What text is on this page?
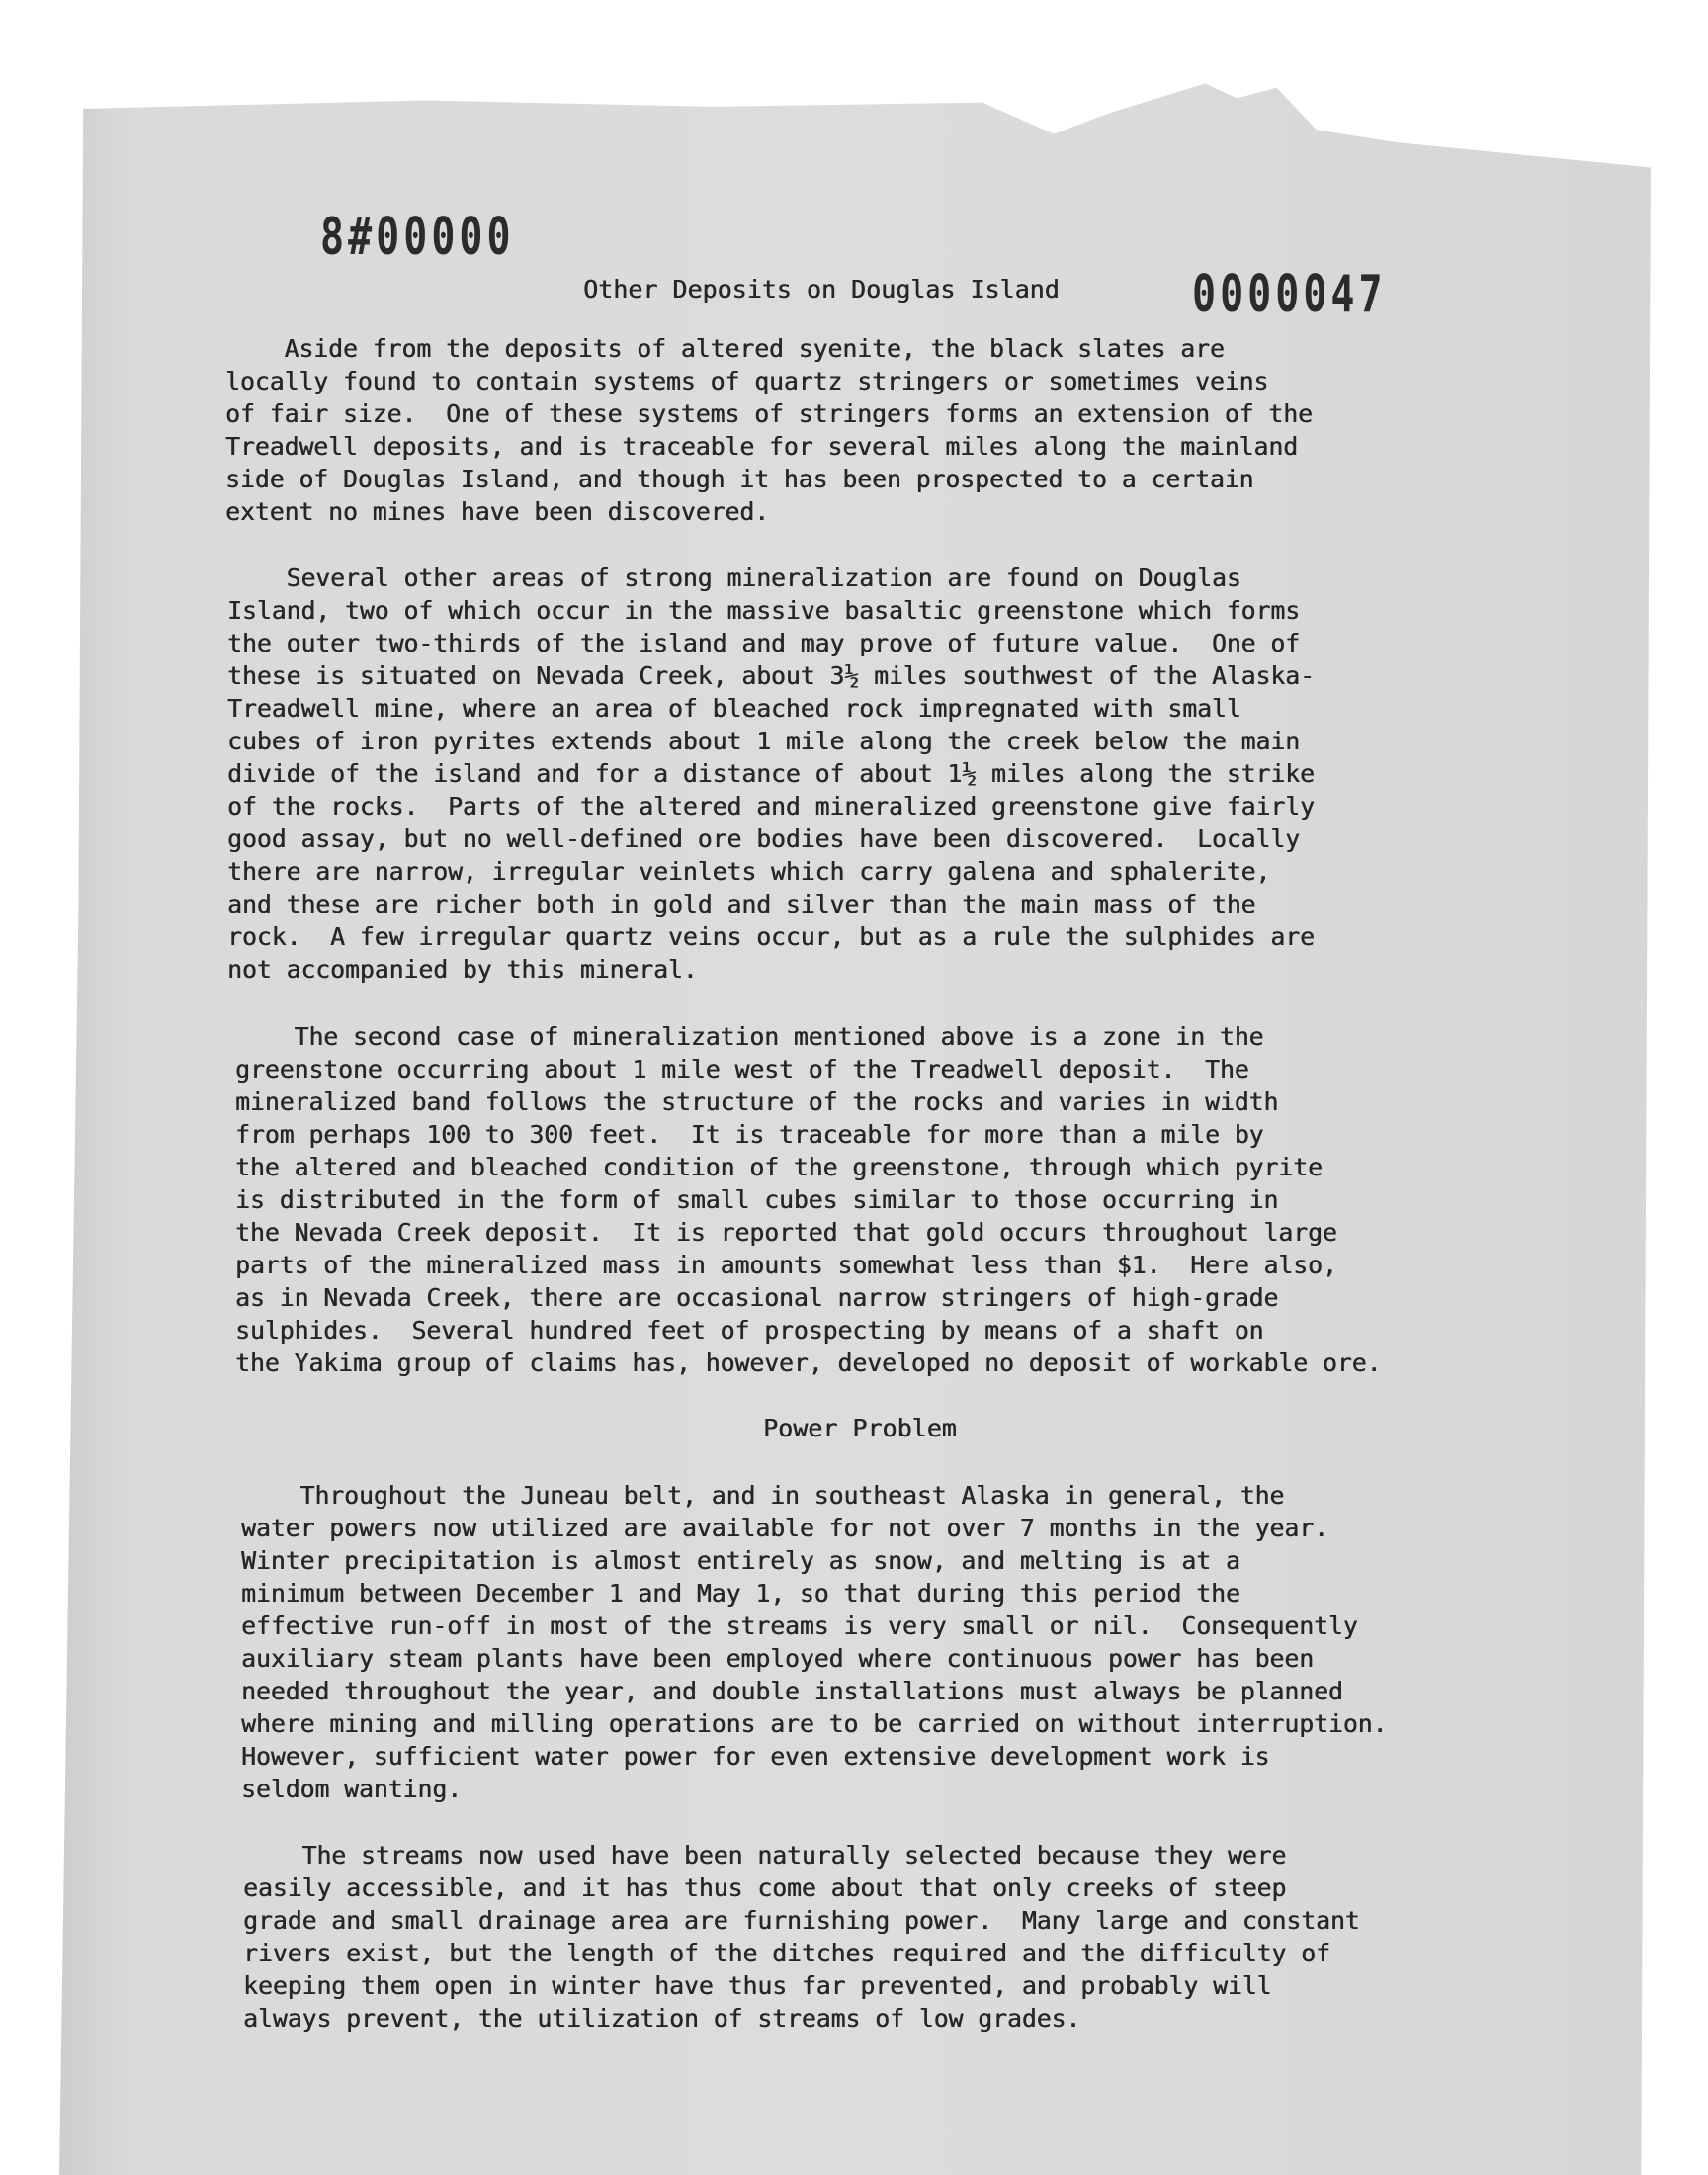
8#00000
0000047
Other Deposits on Douglas Island
Aside from the deposits of altered syenite, the black slates are
locally found to contain systems of quartz stringers or sometimes veins
of fair size.  One of these systems of stringers forms an extension of the
Treadwell deposits, and is traceable for several miles along the mainland
side of Douglas Island, and though it has been prospected to a certain
extent no mines have been discovered.
Several other areas of strong mineralization are found on Douglas
Island, two of which occur in the massive basaltic greenstone which forms
the outer two-thirds of the island and may prove of future value.  One of
these is situated on Nevada Creek, about 3½ miles southwest of the Alaska-
Treadwell mine, where an area of bleached rock impregnated with small
cubes of iron pyrites extends about 1 mile along the creek below the main
divide of the island and for a distance of about 1½ miles along the strike
of the rocks.  Parts of the altered and mineralized greenstone give fairly
good assay, but no well-defined ore bodies have been discovered.  Locally
there are narrow, irregular veinlets which carry galena and sphalerite,
and these are richer both in gold and silver than the main mass of the
rock.  A few irregular quartz veins occur, but as a rule the sulphides are
not accompanied by this mineral.
The second case of mineralization mentioned above is a zone in the
greenstone occurring about 1 mile west of the Treadwell deposit.  The
mineralized band follows the structure of the rocks and varies in width
from perhaps 100 to 300 feet.  It is traceable for more than a mile by
the altered and bleached condition of the greenstone, through which pyrite
is distributed in the form of small cubes similar to those occurring in
the Nevada Creek deposit.  It is reported that gold occurs throughout large
parts of the mineralized mass in amounts somewhat less than $1.  Here also,
as in Nevada Creek, there are occasional narrow stringers of high-grade
sulphides.  Several hundred feet of prospecting by means of a shaft on
the Yakima group of claims has, however, developed no deposit of workable ore.
Power Problem
Throughout the Juneau belt, and in southeast Alaska in general, the
water powers now utilized are available for not over 7 months in the year.
Winter precipitation is almost entirely as snow, and melting is at a
minimum between December 1 and May 1, so that during this period the
effective run-off in most of the streams is very small or nil.  Consequently
auxiliary steam plants have been employed where continuous power has been
needed throughout the year, and double installations must always be planned
where mining and milling operations are to be carried on without interruption.
However, sufficient water power for even extensive development work is
seldom wanting.
The streams now used have been naturally selected because they were
easily accessible, and it has thus come about that only creeks of steep
grade and small drainage area are furnishing power.  Many large and constant
rivers exist, but the length of the ditches required and the difficulty of
keeping them open in winter have thus far prevented, and probably will
always prevent, the utilization of streams of low grades.
